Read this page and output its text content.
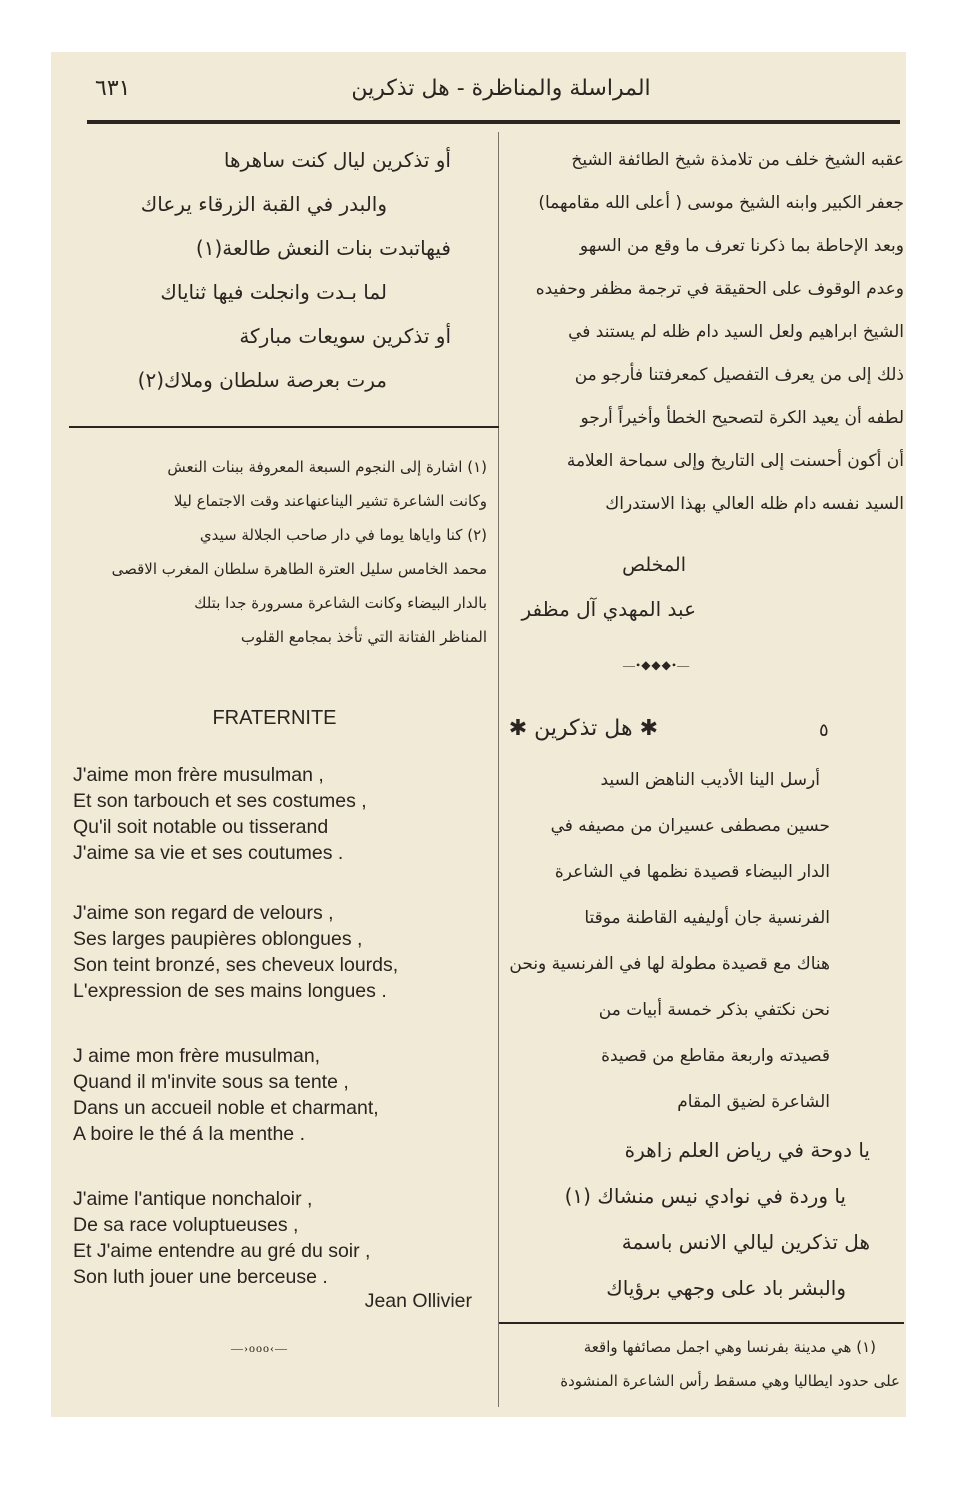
٦٣١	المراسلة والمناظرة - هل تذكرين
أو تذكرين ليال كنت ساهرها
والبدر في القبة الزرقاء يرعاك
فيهاتبدت بنات النعش طالعة(١)
لما بـدت وانجلت فيها ثناياك
أو تذكرين سويعات مباركة
مرت بعرصة سلطان وملاك(٢)
(١) اشارة إلى النجوم السبعة المعروفة ببنات النعش
وكانت الشاعرة تشير اليناعنهاعند وقت الاجتماع ليلا
(٢) كنا واياها يوما في دار صاحب الجلالة سيدي
محمد الخامس سليل العترة الطاهرة سلطان المغرب الاقصى
بالدار البيضاء وكانت الشاعرة مسرورة جدا بتلك
المناظر الفتانة التي تأخذ بمجامع القلوب
FRATERNITE
J'aime mon frère musulman ,
Et son tarbouch et ses costumes ,
Qu'il soit notable ou tisserand
J'aime sa vie et ses coutumes .
J'aime son regard de velours ,
Ses larges paupières oblongues ,
Son teint bronzé, ses cheveux lourds,
L'expression de ses mains longues .
J aime mon frère musulman,
Quand il m'invite sous sa tente ,
Dans un accueil noble et charmant,
A boire le thé á la menthe .
J'aime l'antique nonchaloir ,
De sa race voluptueuses ,
Et J'aime entendre au gré du soir ,
Son luth jouer une berceuse .
Jean Ollivier
—›ooo‹—
عقبه الشيخ خلف من تلامذة شيخ الطائفة الشيخ
جعفر الكبير وابنه الشيخ موسى ( أعلى الله مقامهما)
وبعد الإحاطة بما ذكرنا تعرف ما وقع من السهو
وعدم الوقوف على الحقيقة في ترجمة مظفر وحفيده
الشيخ ابراهيم ولعل السيد دام ظله لم يستند في
ذلك إلى من يعرف التفصيل كمعرفتنا فأرجو من
لطفه أن يعيد الكرة لتصحيح الخطأ وأخيراً أرجو
أن أكون أحسنت إلى التاريخ وإلى سماحة العلامة
السيد نفسه دام ظله العالي بهذا الاستدراك
المخلص
عبد المهدي آل مظفر
—•◆◆◆•—
٥
✱ هل تذكرين ✱
أرسل الينا الأديب الناهض السيد
حسين مصطفى عسيران من مصيفه في
الدار البيضاء قصيدة نظمها في الشاعرة
الفرنسية جان أوليفيه القاطنة موقتا
هناك مع قصيدة مطولة لها في الفرنسية ونحن
نحن نكتفي بذكر خمسة أبيات من
قصيدته واربعة مقاطع من قصيدة
الشاعرة لضيق المقام
يا دوحة في رياض العلم زاهرة
يا وردة في نوادي نيس منشاك (١)
هل تذكرين ليالي الانس باسمة
والبشر باد على وجهي برؤياك
(١) هي مدينة بفرنسا وهي اجمل مصائفها واقعة
على حدود ايطاليا وهي مسقط رأس الشاعرة المنشودة
